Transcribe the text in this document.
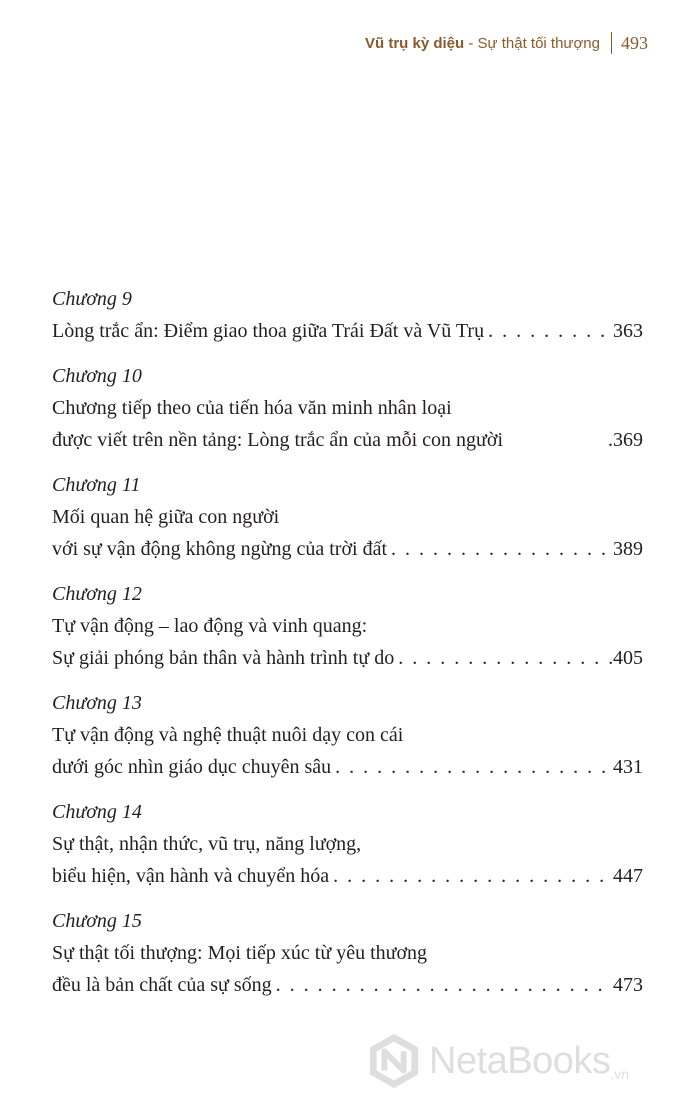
Vũ trụ kỳ diệu - Sự thật tối thượng 493
Chương 9
Lòng trắc ẩn: Điểm giao thoa giữa Trái Đất và Vũ Trụ . . .	363
Chương 10
Chương tiếp theo của tiến hóa văn minh nhân loại
được viết trên nền tảng: Lòng trắc ẩn của mỗi con người	.369
Chương 11
Mối quan hệ giữa con người
với sự vận động không ngừng của trời đất . . .	389
Chương 12
Tự vận động – lao động và vinh quang:
Sự giải phóng bản thân và hành trình tự do . . .	405
Chương 13
Tự vận động và nghệ thuật nuôi dạy con cái
dưới góc nhìn giáo dục chuyên sâu . . .	431
Chương 14
Sự thật, nhận thức, vũ trụ, năng lượng,
biểu hiện, vận hành và chuyển hóa . . .	447
Chương 15
Sự thật tối thượng: Mọi tiếp xúc từ yêu thương
đều là bản chất của sự sống . . .	473
NetaBooks .vn
